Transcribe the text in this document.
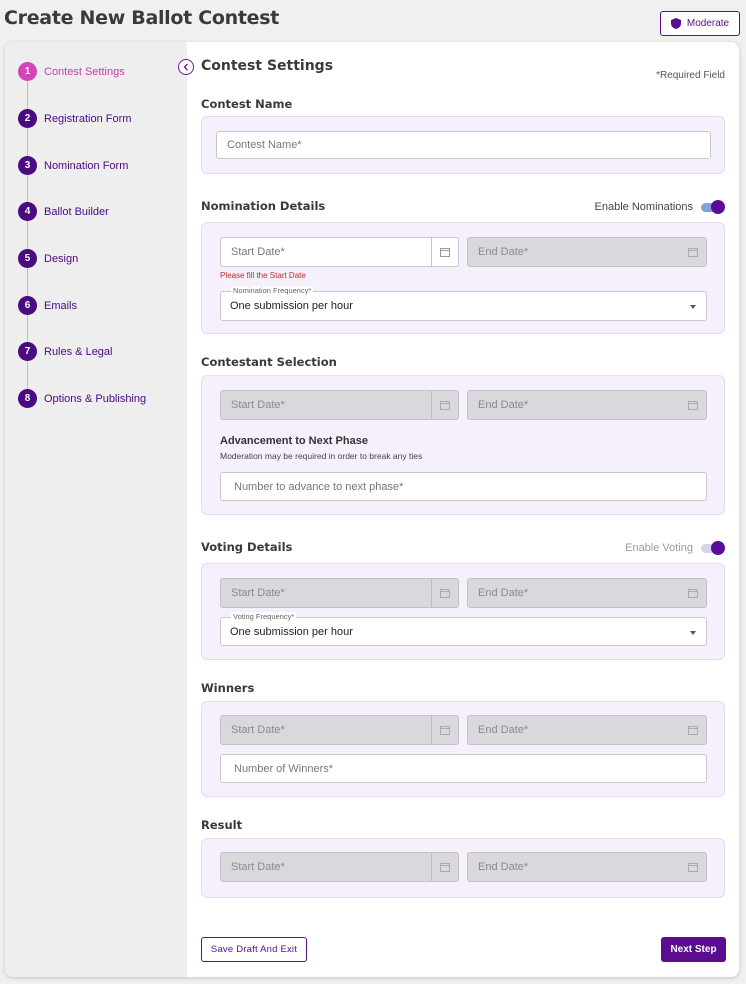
Create New Ballot Contest	Moderate
1	Contest Settings
2	Registration Form
3	Nomination Form
4	Ballot Builder
5	Design
6	Emails
7	Rules & Legal
8	Options & Publishing
Contest Settings
*Required Field
Contest Name
Contest Name*
Nomination Details	Enable Nominations
Start Date*	End Date*
Please fill the Start Date
Nomination Frequency*
One submission per hour
Contestant Selection
Start Date*	End Date*
Advancement to Next Phase
Moderation may be required in order to break any ties
Number to advance to next phase*
Voting Details	Enable Voting
Start Date*	End Date*
Voting Frequency*
One submission per hour
Winners
Start Date*	End Date*
Number of Winners*
Result
Start Date*	End Date*
Save Draft And Exit	Next Step
